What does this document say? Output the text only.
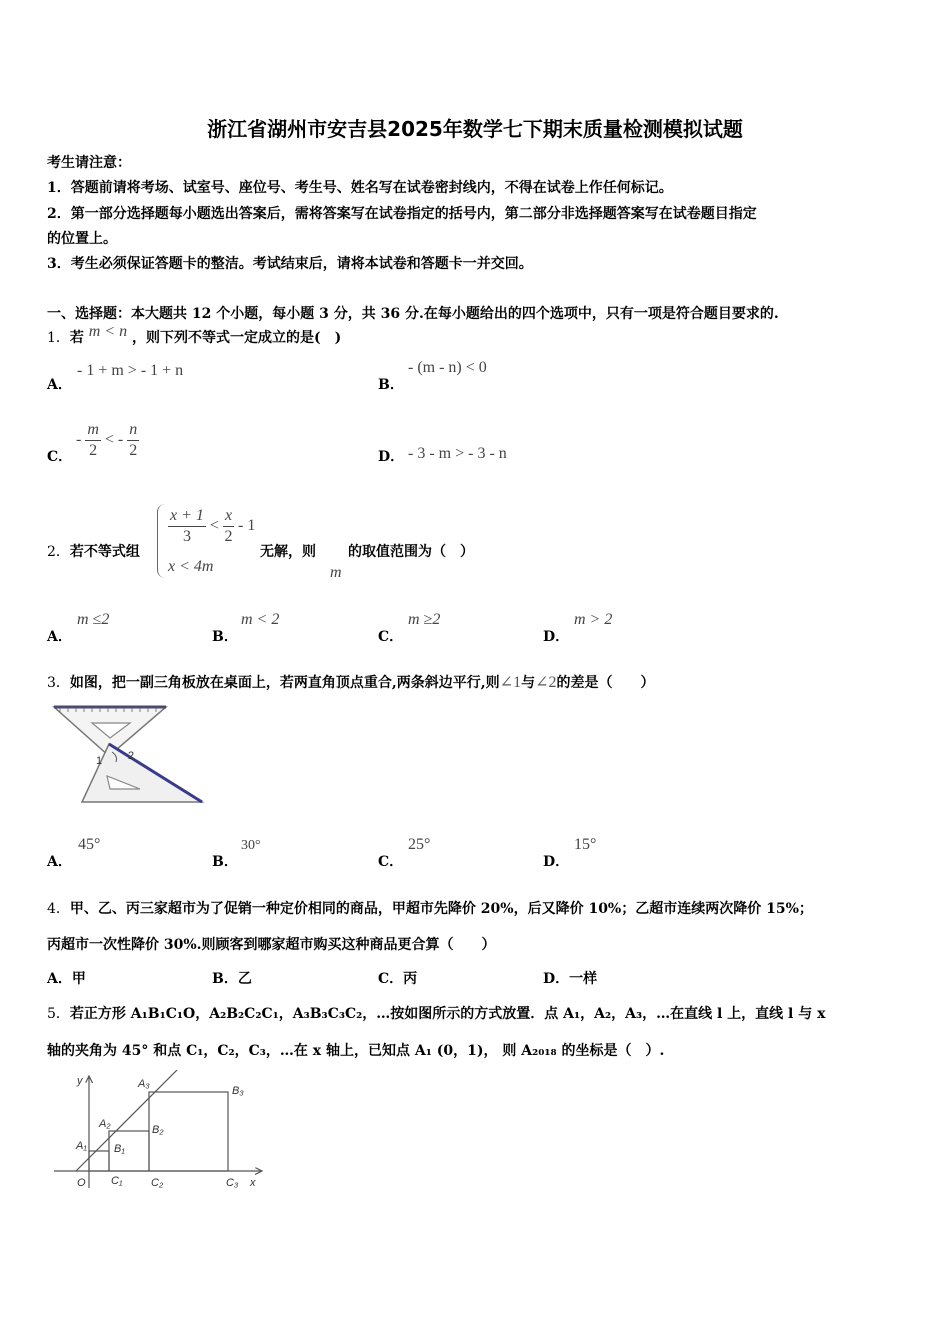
浙江省湖州市安吉县2025年数学七下期末质量检测模拟试题
考生请注意：
1．答题前请将考场、试室号、座位号、考生号、姓名写在试卷密封线内，不得在试卷上作任何标记。
2．第一部分选择题每小题选出答案后，需将答案写在试卷指定的括号内，第二部分非选择题答案写在试卷题目指定
的位置上。
3．考生必须保证答题卡的整洁。考试结束后，请将本试卷和答题卡一并交回。
一、选择题：本大题共 12 个小题，每小题 3 分，共 36 分.在每小题给出的四个选项中，只有一项是符合题目要求的.
1．若 m < n ，则下列不等式一定成立的是(　)
A．
- 1 + m > - 1 + n
B．
- (m - n) < 0
C．
- $\frac{m}{2}$ < - $\frac{n}{2}$	D． - 3 - m > - 3 - n
2．若不等式组
$\frac{x + 1}{3} < \frac{x}{2} - 1$
x < 4m
无解，则
m
的取值范围为（　）
A．
m ≤2
B．
m < 2
C．
m ≥2
D．
m > 2
3．如图，把一副三角板放在桌面上，若两直角顶点重合,两条斜边平行,则∠1与∠2的差是（　　）
1 2
A．
45°
B．
30°
C．
25°
D．
15°
4．甲、乙、丙三家超市为了促销一种定价相同的商品，甲超市先降价 20%，后又降价 10%；乙超市连续两次降价 15%；
丙超市一次性降价 30%.则顾客到哪家超市购买这种商品更合算（　　）
A．甲	B．乙	C．丙	D．一样
5．若正方形 A₁B₁C₁O，A₂B₂C₂C₁，A₃B₃C₃C₂，…按如图所示的方式放置．点 A₁，A₂，A₃，…在直线 l 上，直线 l 与 x
轴的夹角为 45° 和点 C₁，C₂，C₃，…在 x 轴上，已知点 A₁ (0，1)， 则 A₂₀₁₈ 的坐标是（　）.
y
x
O
A₁
A₂
A₃
B₁
B₂
B₃
C₁	C₂	C₃
